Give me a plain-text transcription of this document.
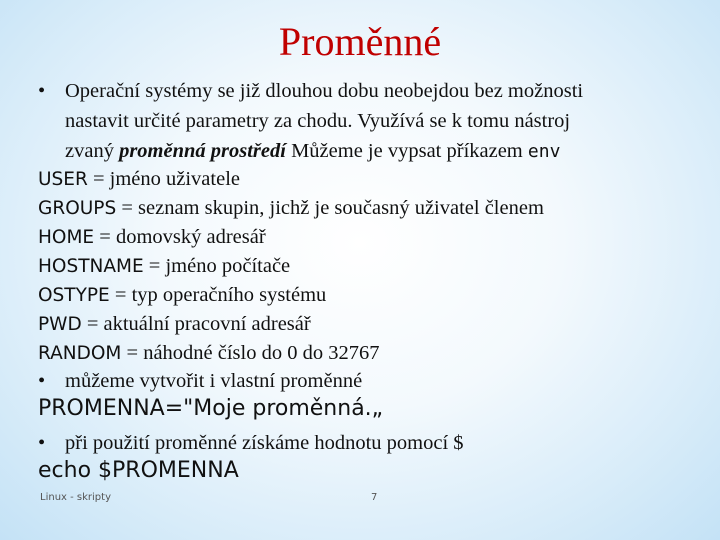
Proměnné
• Operační systémy se již dlouhou dobu neobejdou bez možnosti
nastavit určité parametry za chodu. Využívá se k tomu nástroj
zvaný proměnná prostředí Můžeme je vypsat příkazem env
USER = jméno uživatele
GROUPS = seznam skupin, jichž je současný uživatel členem
HOME = domovský adresář
HOSTNAME = jméno počítače
OSTYPE = typ operačního systému
PWD = aktuální pracovní adresář
RANDOM = náhodné číslo do 0 do 32767
• můžeme vytvořit i vlastní proměnné
PROMENNA="Moje proměnná.„
• při použití proměnné získáme hodnotu pomocí $
echo $PROMENNA
Linux - skripty	7
